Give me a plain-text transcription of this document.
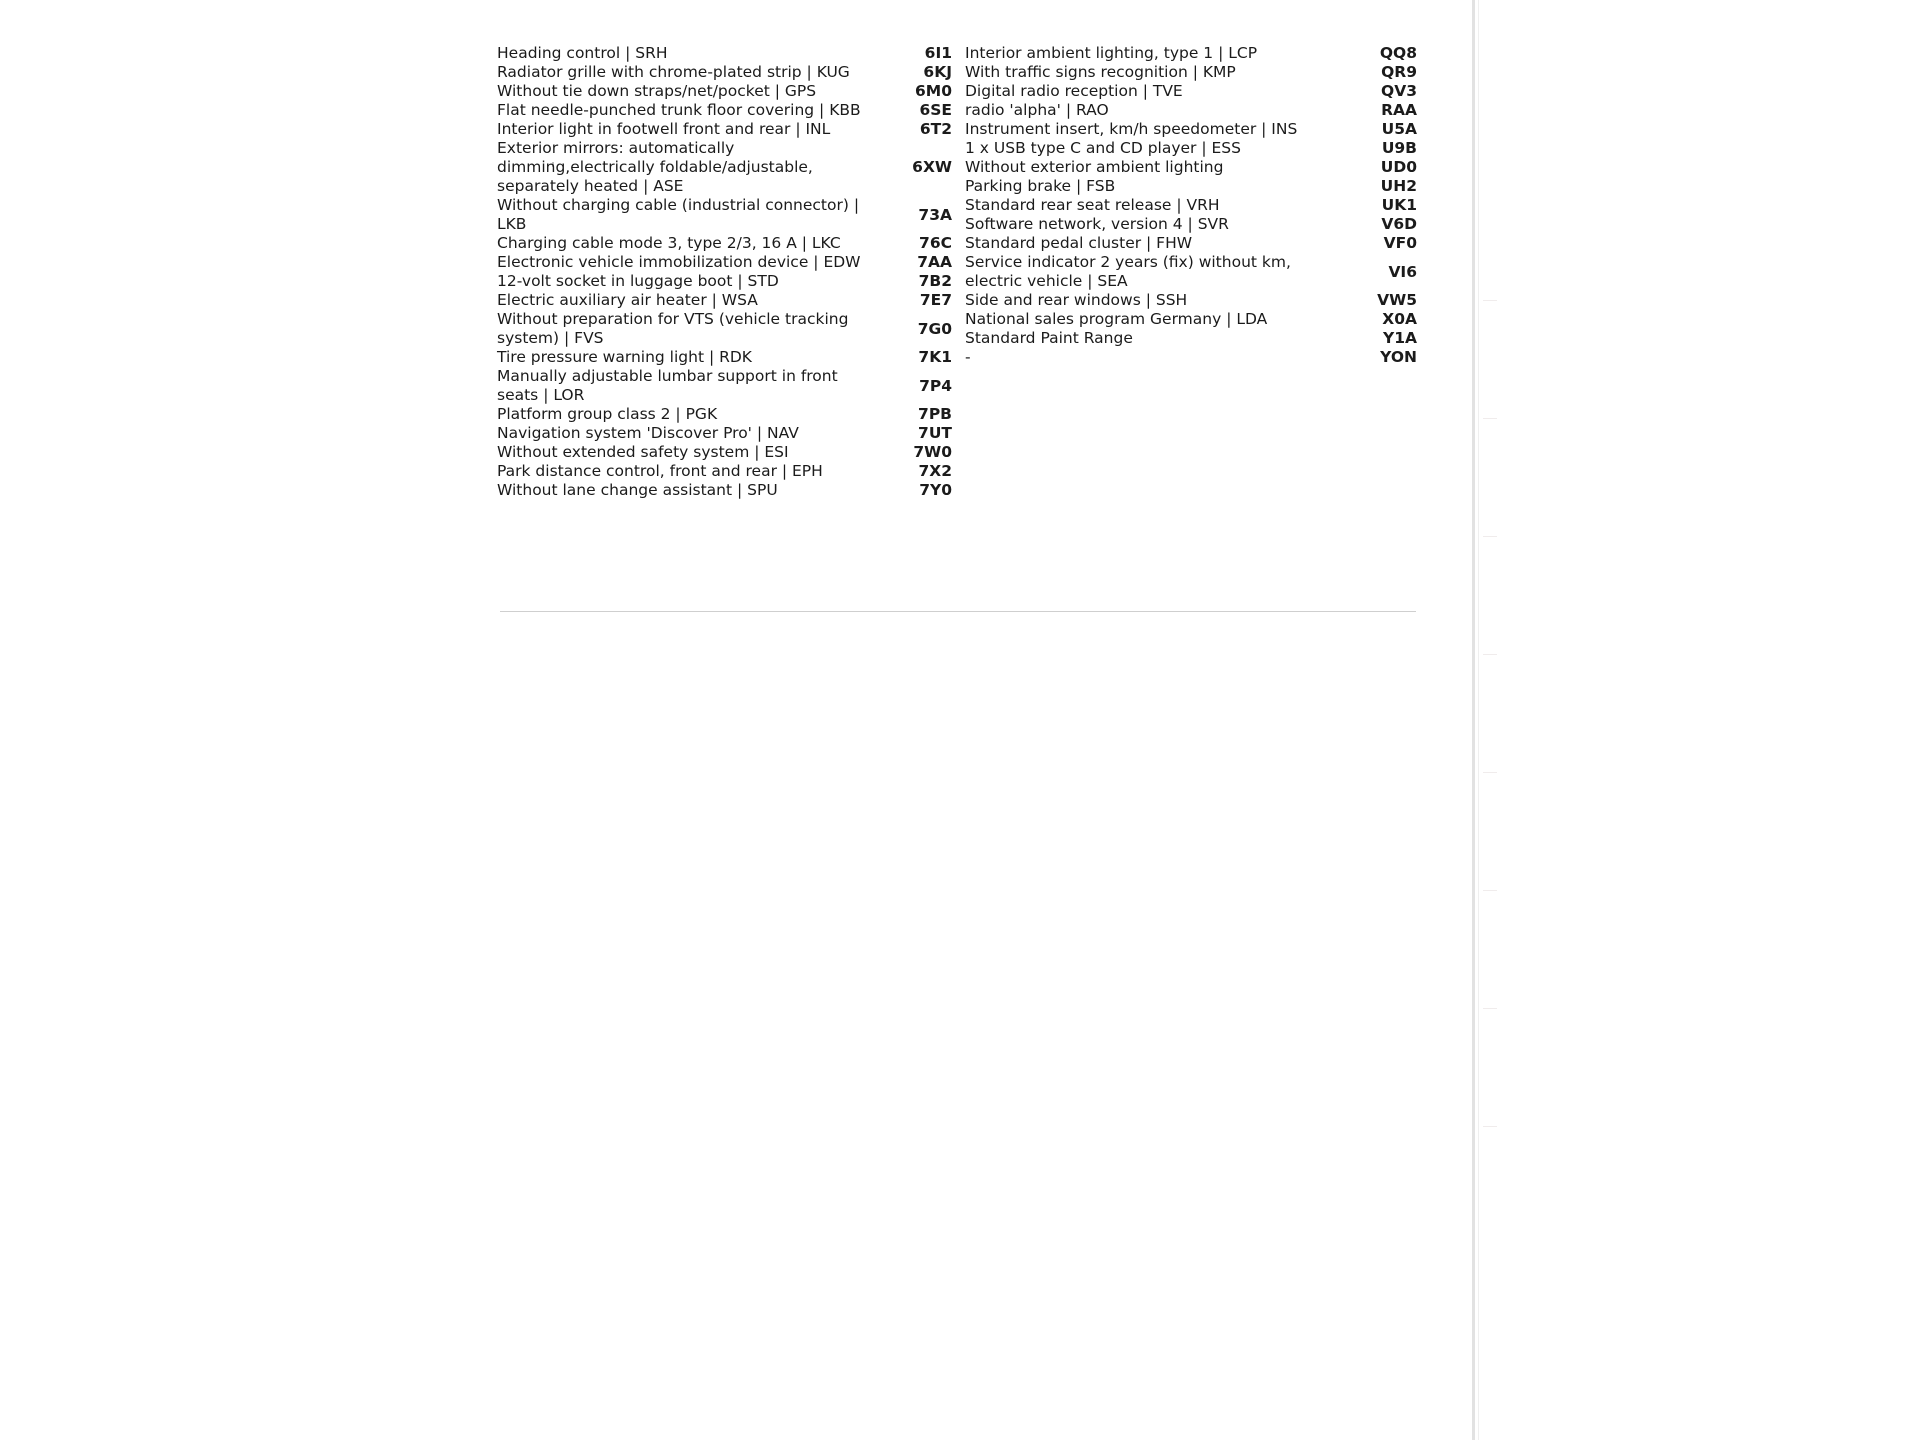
Heading control | SRH	6I1
Radiator grille with chrome-plated strip | KUG	6KJ
Without tie down straps/net/pocket | GPS	6M0
Flat needle-punched trunk floor covering | KBB	6SE
Interior light in footwell front and rear | INL	6T2
Exterior mirrors: automatically dimming,electrically foldable/adjustable, separately heated | ASE	6XW
Without charging cable (industrial connector) | LKB	73A
Charging cable mode 3, type 2/3, 16 A | LKC	76C
Electronic vehicle immobilization device | EDW	7AA
12-volt socket in luggage boot | STD	7B2
Electric auxiliary air heater | WSA	7E7
Without preparation for VTS (vehicle tracking system) | FVS	7G0
Tire pressure warning light | RDK	7K1
Manually adjustable lumbar support in front seats | LOR	7P4
Platform group class 2 | PGK	7PB
Navigation system 'Discover Pro' | NAV	7UT
Without extended safety system | ESI	7W0
Park distance control, front and rear | EPH	7X2
Without lane change assistant | SPU	7Y0
Interior ambient lighting, type 1 | LCP	QQ8
With traffic signs recognition | KMP	QR9
Digital radio reception | TVE	QV3
radio 'alpha' | RAO	RAA
Instrument insert, km/h speedometer | INS	U5A
1 x USB type C and CD player | ESS	U9B
Without exterior ambient lighting	UD0
Parking brake | FSB	UH2
Standard rear seat release | VRH	UK1
Software network, version 4 | SVR	V6D
Standard pedal cluster | FHW	VF0
Service indicator 2 years (fix) without km, electric vehicle | SEA	VI6
Side and rear windows | SSH	VW5
National sales program Germany | LDA	X0A
Standard Paint Range	Y1A
-	YON
